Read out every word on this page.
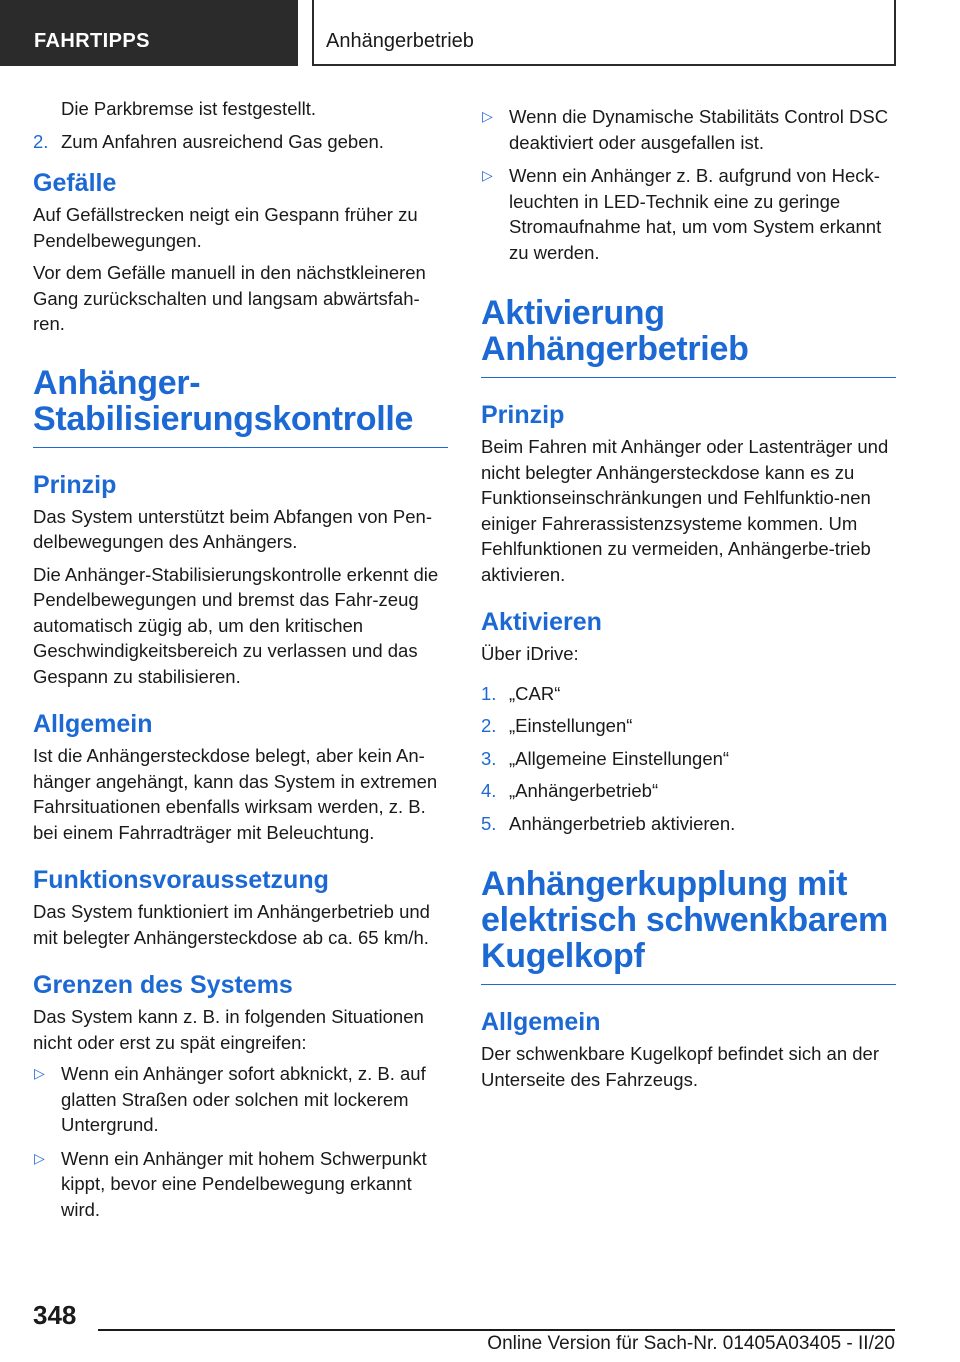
FAHRTIPPS	Anhängerbetrieb
Die Parkbremse ist festgestellt.
2. Zum Anfahren ausreichend Gas geben.
Gefälle

Auf Gefällstrecken neigt ein Gespann früher zu Pendelbewegungen.

Vor dem Gefälle manuell in den nächstkleineren Gang zurückschalten und langsam abwärtsfah-ren.

Anhänger-
Stabilisierungskontrolle
Prinzip

Das System unterstützt beim Abfangen von Pen-delbewegungen des Anhängers.

Die Anhänger-Stabilisierungskontrolle erkennt die Pendelbewegungen und bremst das Fahr-zeug automatisch zügig ab, um den kritischen Geschwindigkeitsbereich zu verlassen und das Gespann zu stabilisieren.

Allgemein

Ist die Anhängersteckdose belegt, aber kein An-hänger angehängt, kann das System in extremen Fahrsituationen ebenfalls wirksam werden, z. B. bei einem Fahrradträger mit Beleuchtung.

Funktionsvoraussetzung

Das System funktioniert im Anhängerbetrieb und mit belegter Anhängersteckdose ab ca. 65 km/h.

Grenzen des Systems

Das System kann z. B. in folgenden Situationen nicht oder erst zu spät eingreifen:

▷ Wenn ein Anhänger sofort abknickt, z. B. auf glatten Straßen oder solchen mit lockerem Untergrund.
▷ Wenn ein Anhänger mit hohem Schwerpunkt kippt, bevor eine Pendelbewegung erkannt wird.
▷ Wenn die Dynamische Stabilitäts Control DSC deaktiviert oder ausgefallen ist.
▷ Wenn ein Anhänger z. B. aufgrund von Heck-leuchten in LED-Technik eine zu geringe Stromaufnahme hat, um vom System erkannt zu werden.
Aktivierung
Anhängerbetrieb
Prinzip

Beim Fahren mit Anhänger oder Lastenträger und nicht belegter Anhängersteckdose kann es zu Funktionseinschränkungen und Fehlfunktio-nen einiger Fahrerassistenzsysteme kommen. Um Fehlfunktionen zu vermeiden, Anhängerbe-trieb aktivieren.

Aktivieren

Über iDrive:

1. „CAR“
2. „Einstellungen“
3. „Allgemeine Einstellungen“
4. „Anhängerbetrieb“
5. Anhängerbetrieb aktivieren.
Anhängerkupplung mit
elektrisch schwenkbarem
Kugelkopf
Allgemein

Der schwenkbare Kugelkopf befindet sich an der Unterseite des Fahrzeugs.

348
Online Version für Sach-Nr. 01405A03405 - II/20
